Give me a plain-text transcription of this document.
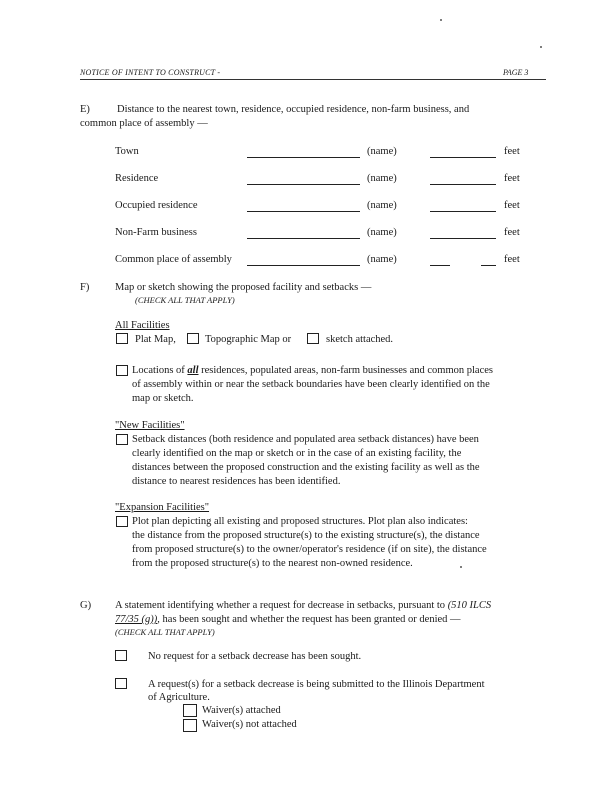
NOTICE OF INTENT TO CONSTRUCT -	PAGE 3
E)	Distance to the nearest town, residence, occupied residence, non-farm business, and
common place of assembly —
Town	(name)	feet
Residence	(name)	feet
Occupied residence	(name)	feet
Non-Farm business	(name)	feet
Common place of assembly	(name)	feet
F) Map or sketch showing the proposed facility and setbacks —
(CHECK ALL THAT APPLY)
All Facilities
Plat Map,	Topographic Map or	sketch attached.
Locations of all residences, populated areas, non-farm businesses and common places
of assembly within or near the setback boundaries have been clearly identified on the
map or sketch.
"New Facilities"
Setback distances (both residence and populated area setback distances) have been
clearly identified on the map or sketch or in the case of an existing facility, the
distances between the proposed construction and the existing facility as well as the
distance to nearest residences has been identified.
"Expansion Facilities"
Plot plan depicting all existing and proposed structures. Plot plan also indicates:
the distance from the proposed structure(s) to the existing structure(s), the distance
from proposed structure(s) to the owner/operator's residence (if on site), the distance
from the proposed structure(s) to the nearest non-owned residence.
G) A statement identifying whether a request for decrease in setbacks, pursuant to (510 ILCS
77/35 (g)), has been sought and whether the request has been granted or denied —
(CHECK ALL THAT APPLY)
No request for a setback decrease has been sought.
A request(s) for a setback decrease is being submitted to the Illinois Department
of Agriculture.
Waiver(s) attached
Waiver(s) not attached
